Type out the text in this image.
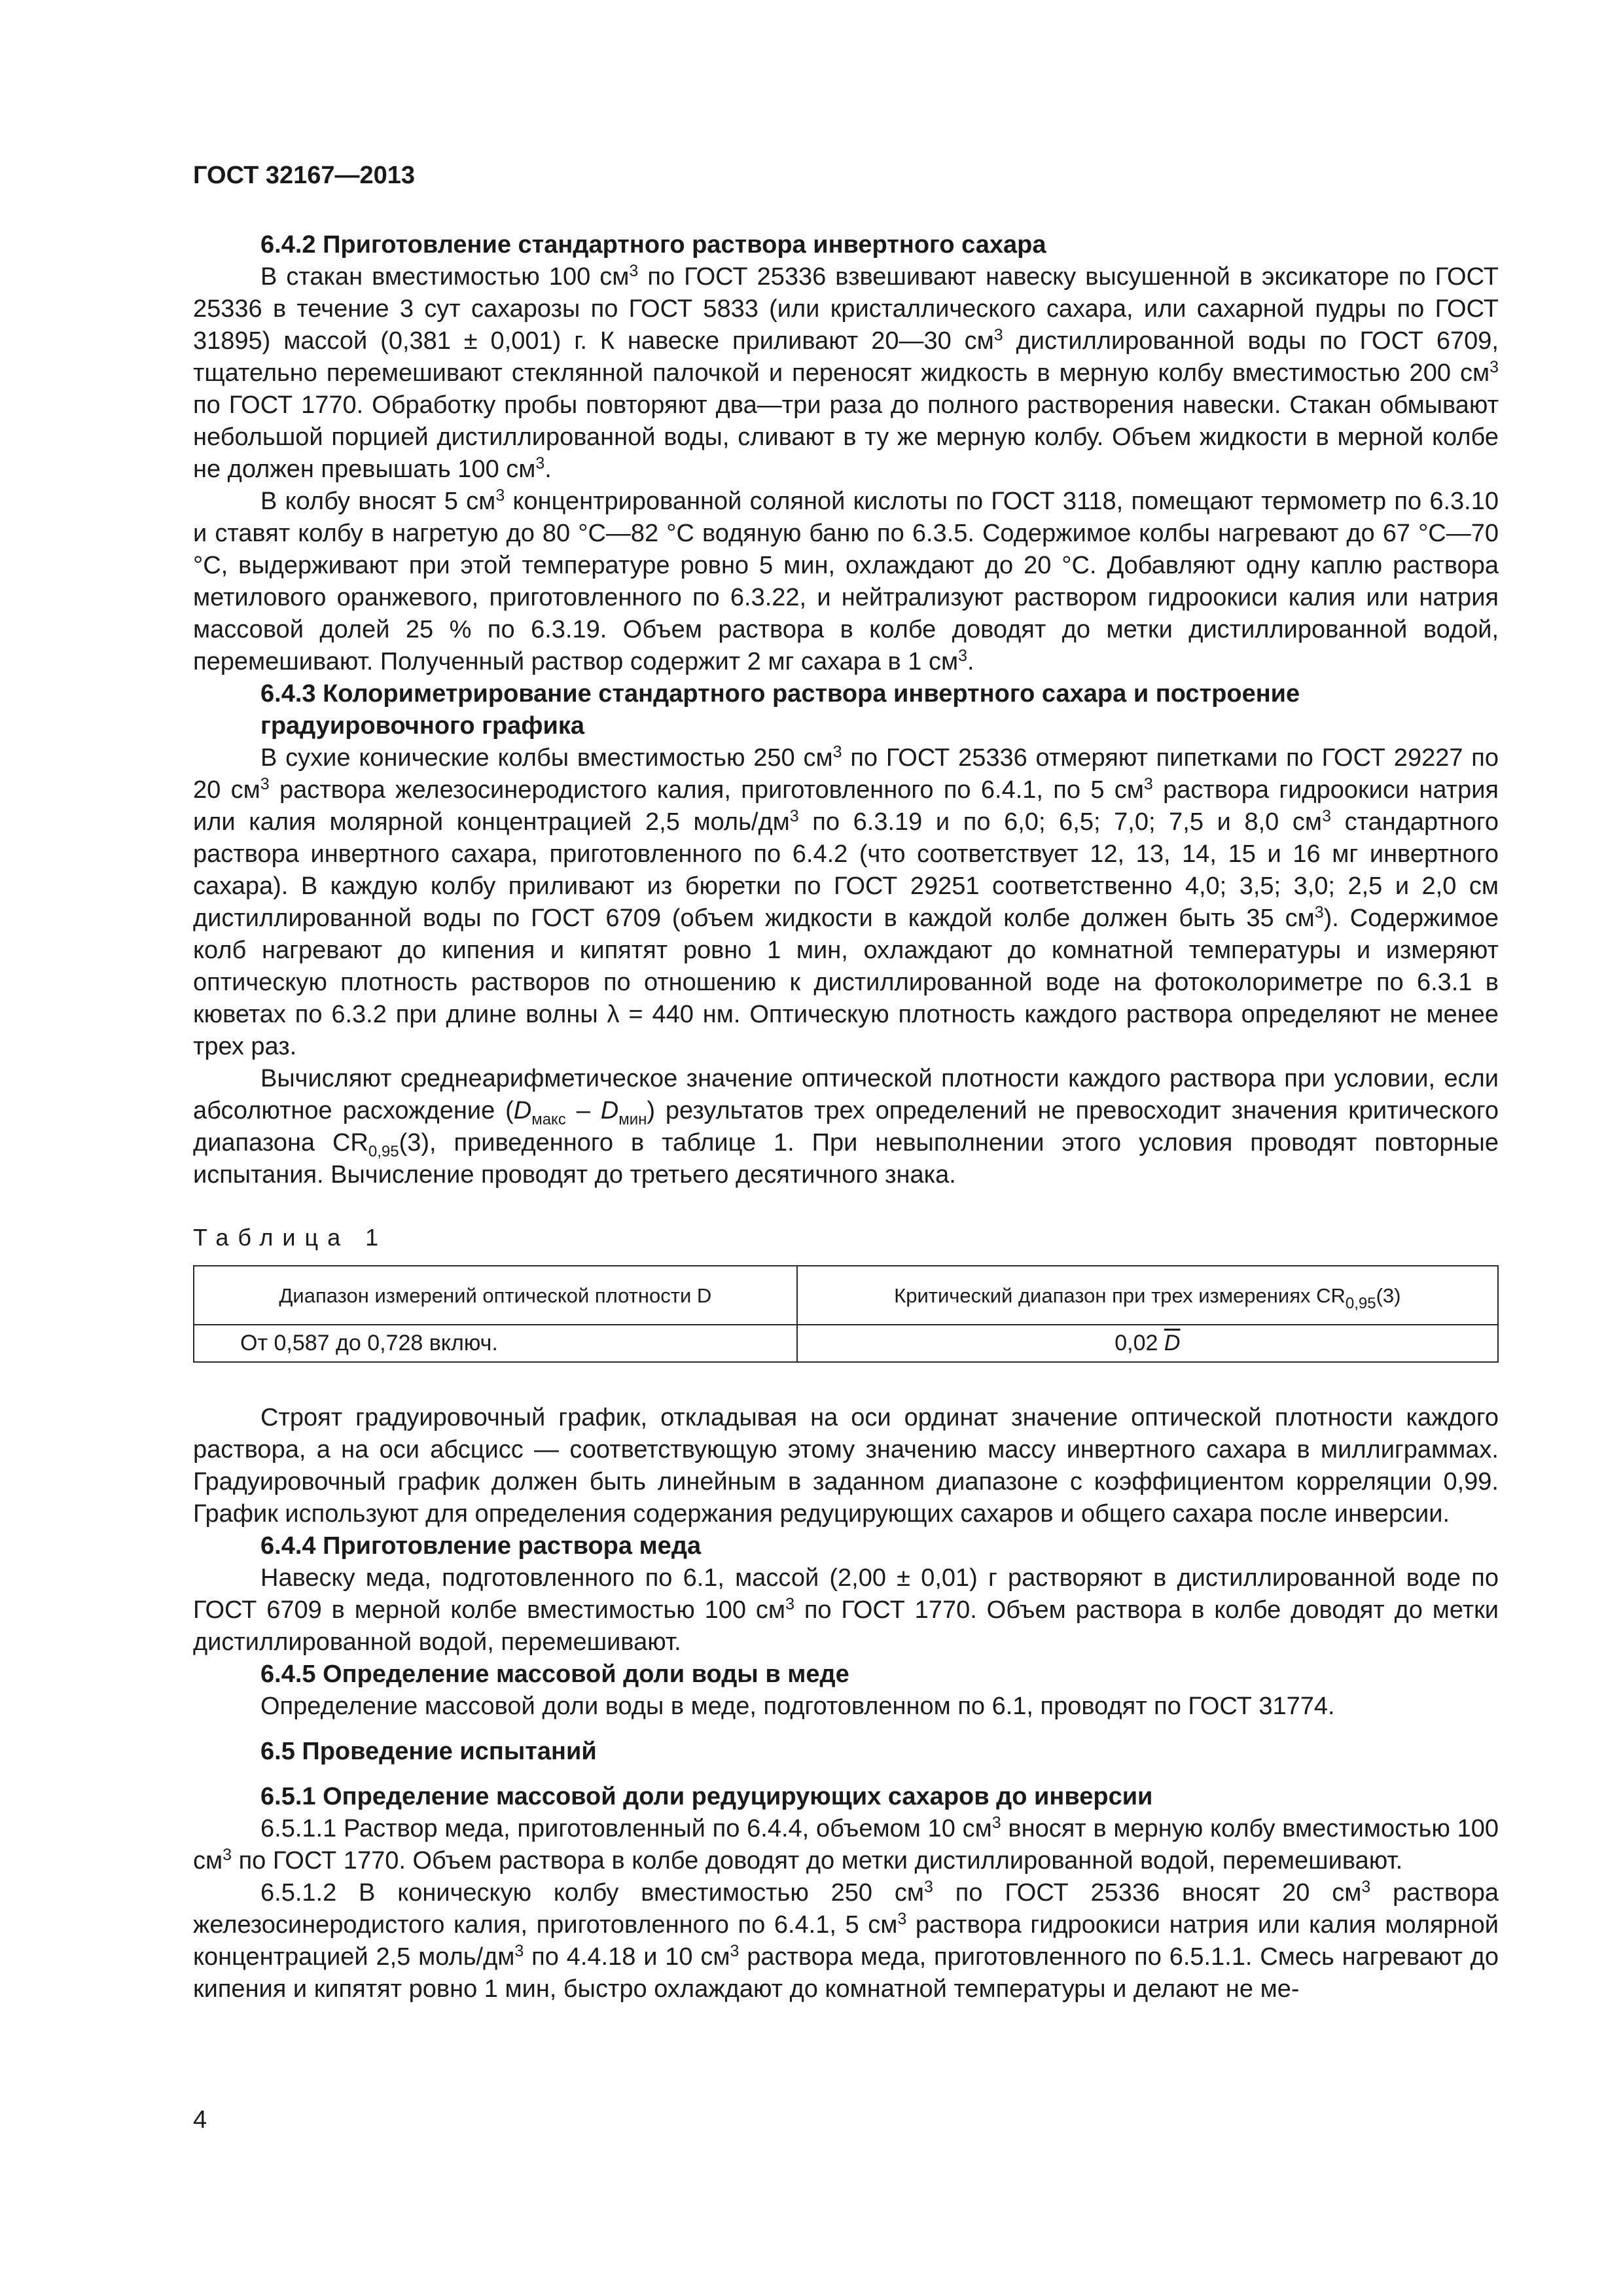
ГОСТ 32167—2013

6.4.2 Приготовление стандартного раствора инвертного сахара

В стакан вместимостью 100 $см^3$ по ГОСТ 25336 взвешивают навеску высушенной в эксикаторе по ГОСТ 25336 в течение 3 сут сахарозы по ГОСТ 5833 (или кристаллического сахара, или сахарной пудры по ГОСТ 31895) массой (0,381 ± 0,001) г. К навеске приливают 20—30 $см^3$ дистиллированной воды по ГОСТ 6709, тщательно перемешивают стеклянной палочкой и переносят жидкость в мерную колбу вместимостью 200 $см^3$ по ГОСТ 1770. Обработку пробы повторяют два—три раза до полного растворения навески. Стакан обмывают небольшой порцией дистиллированной воды, сливают в ту же мерную колбу. Объем жидкости в мерной колбе не должен превышать 100 $см^3$.

В колбу вносят 5 $см^3$ концентрированной соляной кислоты по ГОСТ 3118, помещают термометр по 6.3.10 и ставят колбу в нагретую до 80 °С—82 °С водяную баню по 6.3.5. Содержимое колбы нагревают до 67 °С—70 °С, выдерживают при этой температуре ровно 5 мин, охлаждают до 20 °С. Добавляют одну каплю раствора метилового оранжевого, приготовленного по 6.3.22, и нейтрализуют раствором гидроокиси калия или натрия массовой долей 25 % по 6.3.19. Объем раствора в колбе доводят до метки дистиллированной водой, перемешивают. Полученный раствор содержит 2 мг сахара в 1 $см^3$.

6.4.3 Колориметрирование стандартного раствора инвертного сахара и построение градуировочного графика

В сухие конические колбы вместимостью 250 $см^3$ по ГОСТ 25336 отмеряют пипетками по ГОСТ 29227 по 20 $см^3$ раствора железосинеродистого калия, приготовленного по 6.4.1, по 5 $см^3$ раствора гидроокиси натрия или калия молярной концентрацией 2,5 моль/$дм^3$ по 6.3.19 и по 6,0; 6,5; 7,0; 7,5 и 8,0 $см^3$ стандартного раствора инвертного сахара, приготовленного по 6.4.2 (что соответствует 12, 13, 14, 15 и 16 мг инвертного сахара). В каждую колбу приливают из бюретки по ГОСТ 29251 соответственно 4,0; 3,5; 3,0; 2,5 и 2,0 см дистиллированной воды по ГОСТ 6709 (объем жидкости в каждой колбе должен быть 35 $см^3$). Содержимое колб нагревают до кипения и кипятят ровно 1 мин, охлаждают до комнатной температуры и измеряют оптическую плотность растворов по отношению к дистиллированной воде на фотоколориметре по 6.3.1 в кюветах по 6.3.2 при длине волны λ = 440 нм. Оптическую плотность каждого раствора определяют не менее трех раз.

Вычисляют среднеарифметическое значение оптической плотности каждого раствора при условии, если абсолютное расхождение $(D_{макс} - D_{мин})$ результатов трех определений не превосходит значения критического диапазона $CR_{0,95}(3)$, приведенного в таблице 1. При невыполнении этого условия проводят повторные испытания. Вычисление проводят до третьего десятичного знака.

Таблица 1
Диапазон измерений оптической плотности D	Критический диапазон при трех измерениях $CR_{0,95}(3)$
От 0,587 до 0,728 включ.	0,02 $\overline{D}$

Строят градуировочный график, откладывая на оси ординат значение оптической плотности каждого раствора, а на оси абсцисс — соответствующую этому значению массу инвертного сахара в миллиграммах. Градуировочный график должен быть линейным в заданном диапазоне с коэффициентом корреляции 0,99. График используют для определения содержания редуцирующих сахаров и общего сахара после инверсии.

6.4.4 Приготовление раствора меда

Навеску меда, подготовленного по 6.1, массой (2,00 ± 0,01) г растворяют в дистиллированной воде по ГОСТ 6709 в мерной колбе вместимостью 100 $см^3$ по ГОСТ 1770. Объем раствора в колбе доводят до метки дистиллированной водой, перемешивают.

6.4.5 Определение массовой доли воды в меде

Определение массовой доли воды в меде, подготовленном по 6.1, проводят по ГОСТ 31774.

6.5 Проведение испытаний

6.5.1 Определение массовой доли редуцирующих сахаров до инверсии

6.5.1.1 Раствор меда, приготовленный по 6.4.4, объемом 10 $см^3$ вносят в мерную колбу вместимостью 100 $см^3$ по ГОСТ 1770. Объем раствора в колбе доводят до метки дистиллированной водой, перемешивают.

6.5.1.2 В коническую колбу вместимостью 250 $см^3$ по ГОСТ 25336 вносят 20 $см^3$ раствора железосинеродистого калия, приготовленного по 6.4.1, 5 $см^3$ раствора гидроокиси натрия или калия молярной концентрацией 2,5 моль/$дм^3$ по 4.4.18 и 10 $см^3$ раствора меда, приготовленного по 6.5.1.1. Смесь нагревают до кипения и кипятят ровно 1 мин, быстро охлаждают до комнатной температуры и делают не ме-

4
